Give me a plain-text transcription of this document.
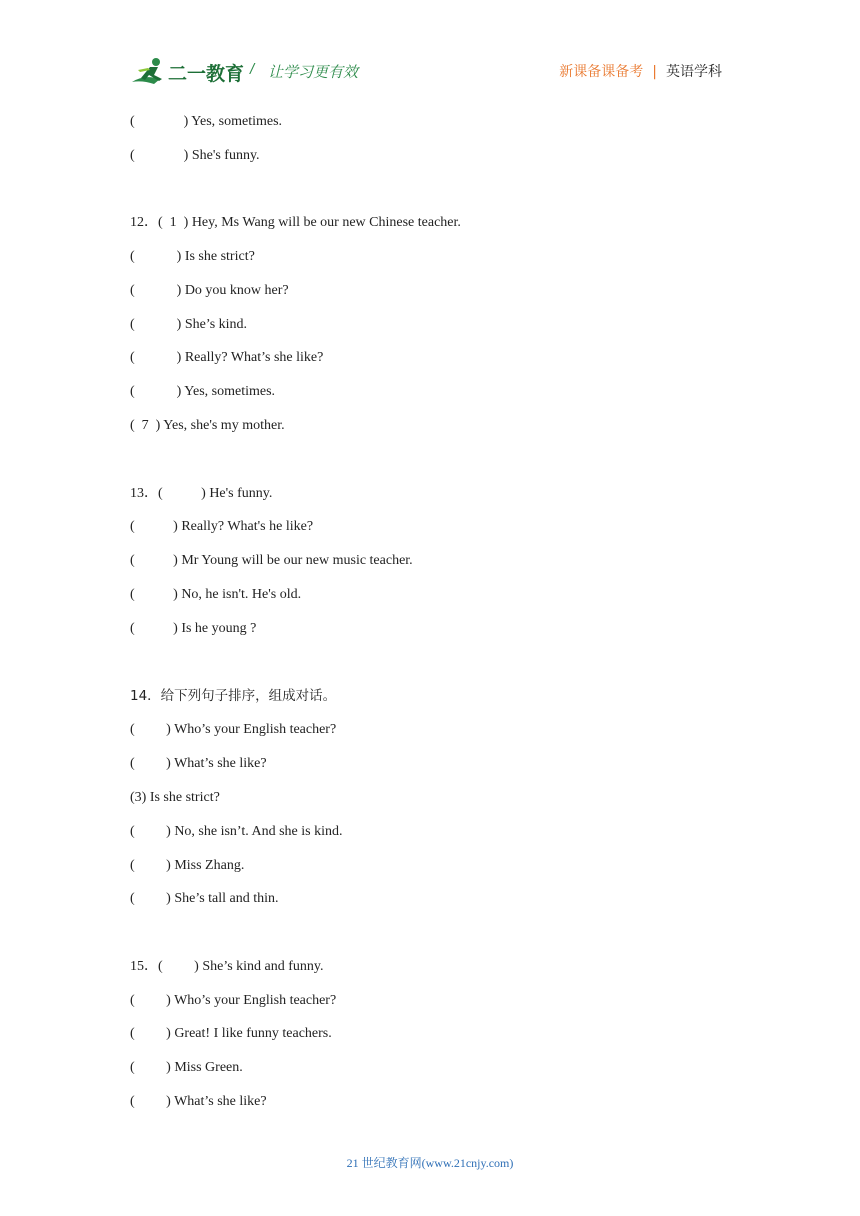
二一教育 / 让学习更有效	新课备课备考 | 英语学科
(              ) Yes, sometimes.
(              ) She's funny.
12．(  1  ) Hey, Ms Wang will be our new Chinese teacher.
(            ) Is she strict?
(            ) Do you know her?
(            ) She’s kind.
(            ) Really? What’s she like?
(            ) Yes, sometimes.
(  7  ) Yes, she's my mother.
13．(           ) He's funny.
(           ) Really? What's he like?
(           ) Mr Young will be our new music teacher.
(           ) No, he isn't. He's old.
(           ) Is he young ?
14．给下列句子排序，组成对话。
(         ) Who’s your English teacher?
(         ) What’s she like?
(3) Is she strict?
(         ) No, she isn’t. And she is kind.
(         ) Miss Zhang.
(         ) She’s tall and thin.
15．(         ) She’s kind and funny.
(         ) Who’s your English teacher?
(         ) Great! I like funny teachers.
(         ) Miss Green.
(         ) What’s she like?
21 世纪教育网(www.21cnjy.com)
